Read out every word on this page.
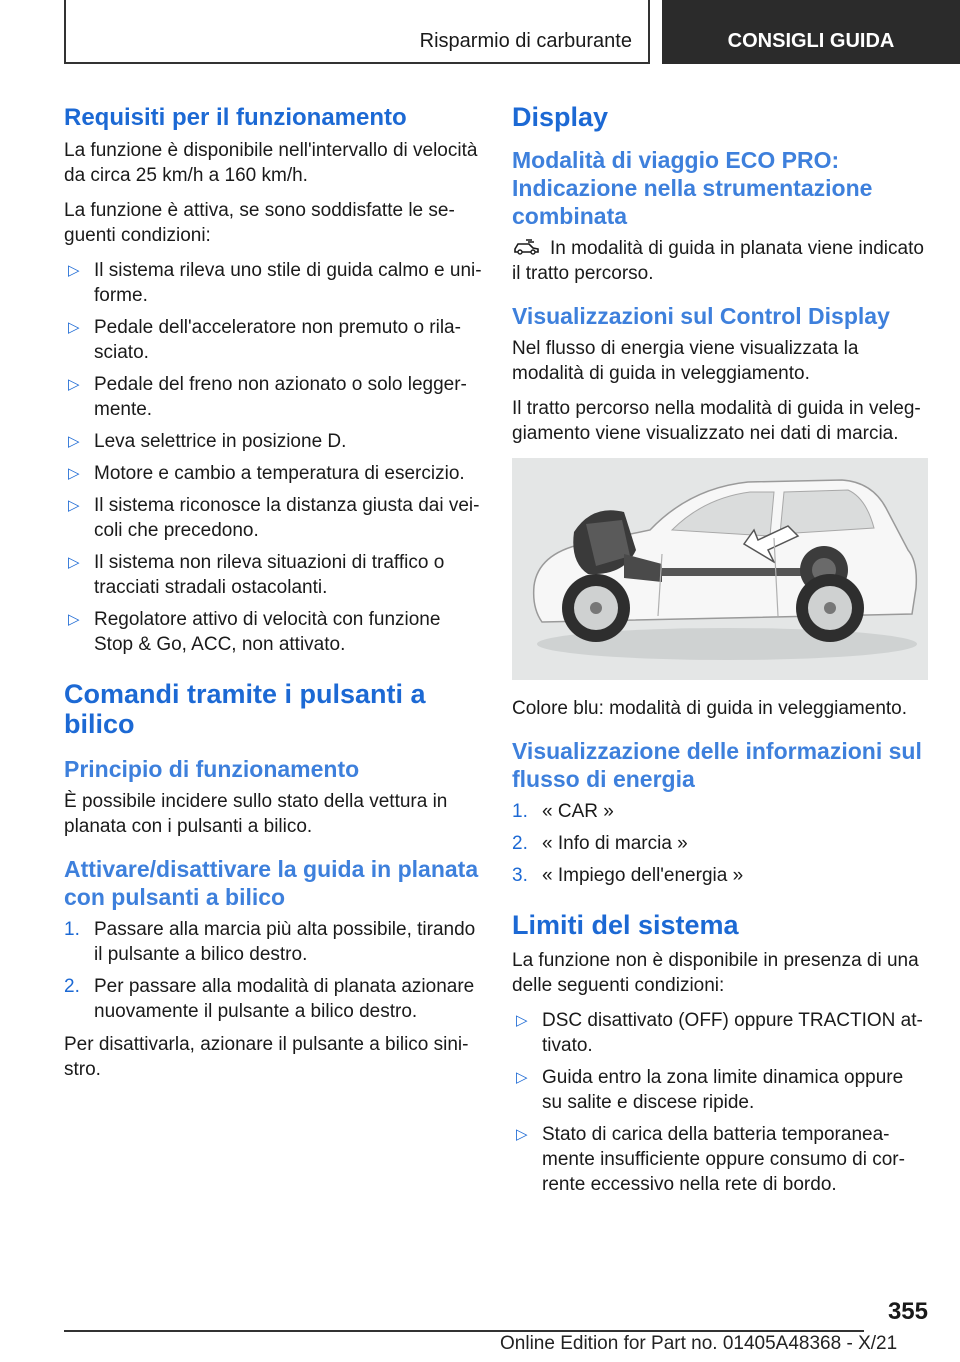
Risparmio di carburante	CONSIGLI GUIDA
Requisiti per il funzionamento

La funzione è disponibile nell'intervallo di velocità da circa 25 km/h a 160 km/h.

La funzione è attiva, se sono soddisfatte le se-guenti condizioni:

▷ Il sistema rileva uno stile di guida calmo e uni-forme.
▷ Pedale dell'acceleratore non premuto o rila-sciato.
▷ Pedale del freno non azionato o solo legger-mente.
▷ Leva selettrice in posizione D.
▷ Motore e cambio a temperatura di esercizio.
▷ Il sistema riconosce la distanza giusta dai vei-coli che precedono.
▷ Il sistema non rileva situazioni di traffico o tracciati stradali ostacolanti.
▷ Regolatore attivo di velocità con funzione Stop & Go, ACC, non attivato.
Comandi tramite i pulsanti a bilico
Principio di funzionamento

È possibile incidere sullo stato della vettura in planata con i pulsanti a bilico.

Attivare/disattivare la guida in planata con pulsanti a bilico
1. Passare alla marcia più alta possibile, tirando il pulsante a bilico destro.
2. Per passare alla modalità di planata azionare nuovamente il pulsante a bilico destro.

Per disattivarla, azionare il pulsante a bilico sini-stro.

Display
Modalità di viaggio ECO PRO: Indicazione nella strumentazione combinata

In modalità di guida in planata viene indicato il tratto percorso.

Visualizzazioni sul Control Display

Nel flusso di energia viene visualizzata la modalità di guida in veleggiamento.

Il tratto percorso nella modalità di guida in veleg-giamento viene visualizzato nei dati di marcia.

Colore blu: modalità di guida in veleggiamento.

Visualizzazione delle informazioni sul flusso di energia
1. « CAR »
2. « Info di marcia »
3. « Impiego dell'energia »
Limiti del sistema

La funzione non è disponibile in presenza di una delle seguenti condizioni:

▷ DSC disattivato (OFF) oppure TRACTION at-tivato.
▷ Guida entro la zona limite dinamica oppure su salite e discese ripide.
▷ Stato di carica della batteria temporanea-mente insufficiente oppure consumo di cor-rente eccessivo nella rete di bordo.
355
Online Edition for Part no. 01405A48368 - X/21
